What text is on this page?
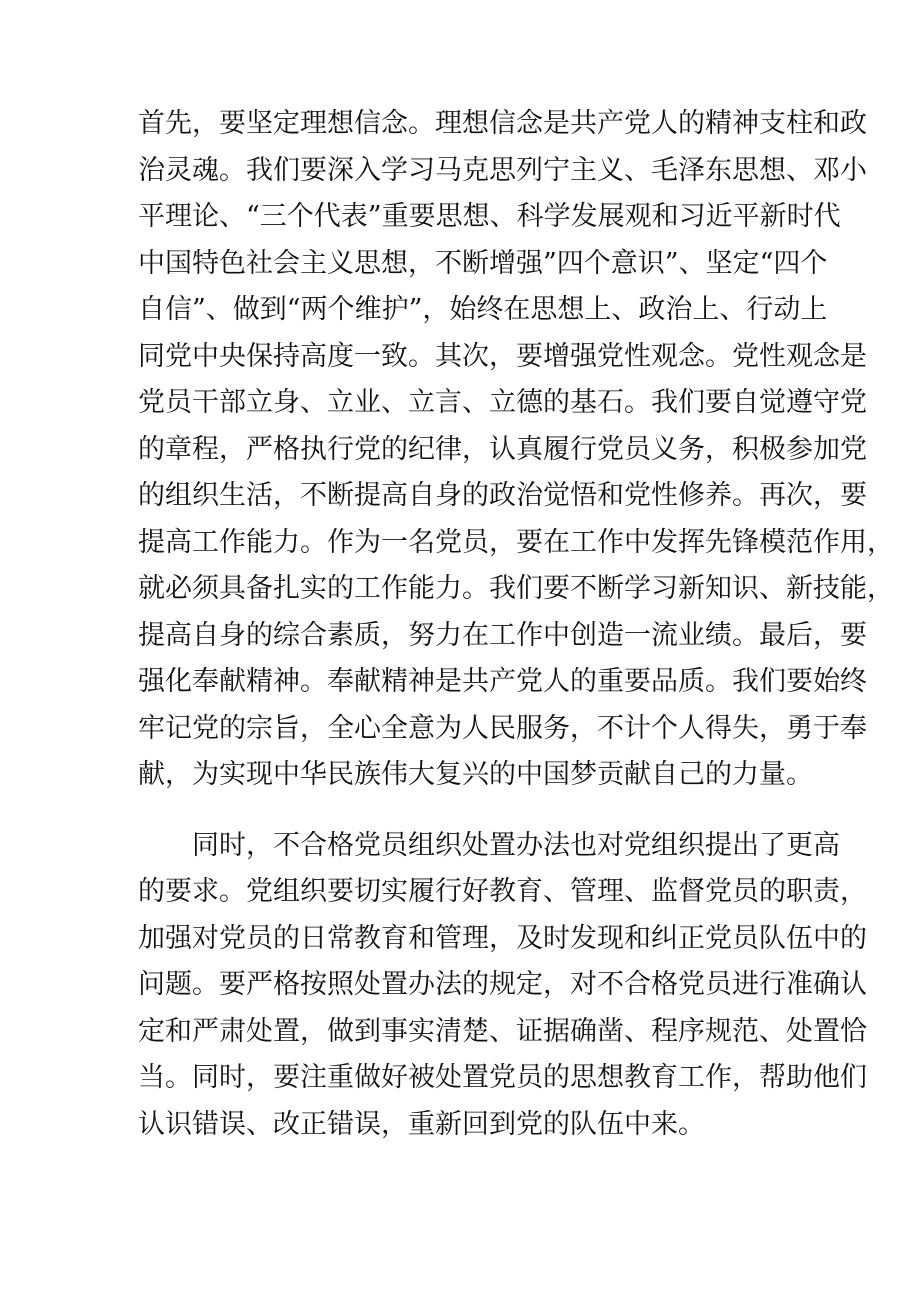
首先，要坚定理想信念。理想信念是共产党人的精神支柱和政
治灵魂。我们要深入学习马克思列宁主义、毛泽东思想、邓小
平理论、“三个代表”重要思想、科学发展观和习近平新时代
中国特色社会主义思想，不断增强”四个意识”、坚定“四个
自信”、做到“两个维护”，始终在思想上、政治上、行动上
同党中央保持高度一致。其次，要增强党性观念。党性观念是
党员干部立身、立业、立言、立德的基石。我们要自觉遵守党
的章程，严格执行党的纪律，认真履行党员义务，积极参加党
的组织生活，不断提高自身的政治觉悟和党性修养。再次，要
提高工作能力。作为一名党员，要在工作中发挥先锋模范作用，
就必须具备扎实的工作能力。我们要不断学习新知识、新技能，
提高自身的综合素质，努力在工作中创造一流业绩。最后，要
强化奉献精神。奉献精神是共产党人的重要品质。我们要始终
牢记党的宗旨，全心全意为人民服务，不计个人得失，勇于奉
献，为实现中华民族伟大复兴的中国梦贡献自己的力量。
同时，不合格党员组织处置办法也对党组织提出了更高
的要求。党组织要切实履行好教育、管理、监督党员的职责，
加强对党员的日常教育和管理，及时发现和纠正党员队伍中的
问题。要严格按照处置办法的规定，对不合格党员进行准确认
定和严肃处置，做到事实清楚、证据确凿、程序规范、处置恰
当。同时，要注重做好被处置党员的思想教育工作，帮助他们
认识错误、改正错误，重新回到党的队伍中来。
